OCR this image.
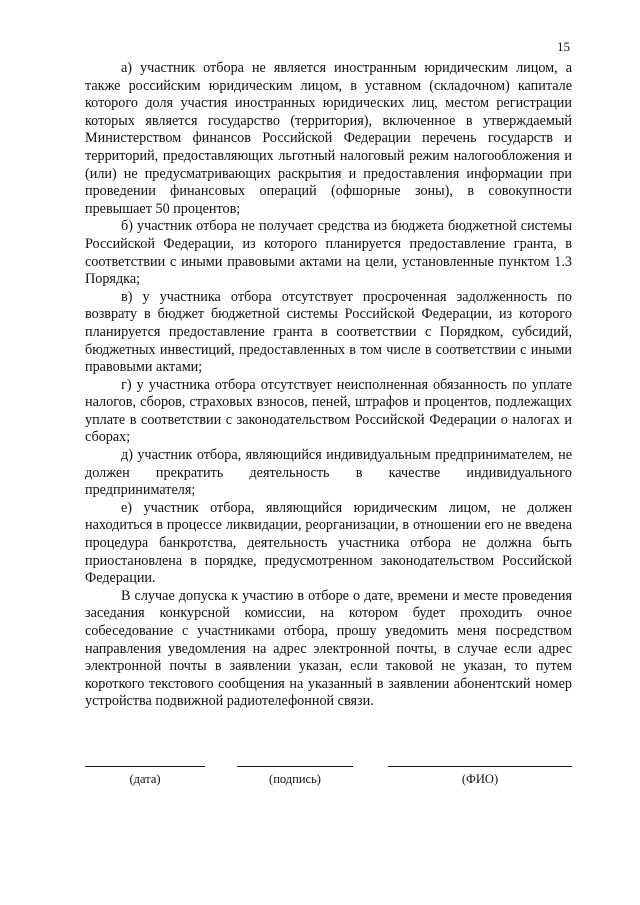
15

а) участник отбора не является иностранным юридическим лицом, а также российским юридическим лицом, в уставном (складочном) капитале которого доля участия иностранных юридических лиц, местом регистрации которых является государство (территория), включенное в утверждаемый Министерством финансов Российской Федерации перечень государств и территорий, предоставляющих льготный налоговый режим налогообложения и (или) не предусматривающих раскрытия и предоставления информации при проведении финансовых операций (офшорные зоны), в совокупности превышает 50 процентов;

б) участник отбора не получает средства из бюджета бюджетной системы Российской Федерации, из которого планируется предоставление гранта, в соответствии с иными правовыми актами на цели, установленные пунктом 1.3 Порядка;

в) у участника отбора отсутствует просроченная задолженность по возврату в бюджет бюджетной системы Российской Федерации, из которого планируется предоставление гранта в соответствии с Порядком, субсидий, бюджетных инвестиций, предоставленных в том числе в соответствии с иными правовыми актами;

г) у участника отбора отсутствует неисполненная обязанность по уплате налогов, сборов, страховых взносов, пеней, штрафов и процентов, подлежащих уплате в соответствии с законодательством Российской Федерации о налогах и сборах;

д) участник отбора, являющийся индивидуальным предпринимателем, не должен прекратить деятельность в качестве индивидуального предпринимателя;

е) участник отбора, являющийся юридическим лицом, не должен находиться в процессе ликвидации, реорганизации, в отношении его не введена процедура банкротства, деятельность участника отбора не должна быть приостановлена в порядке, предусмотренном законодательством Российской Федерации.

В случае допуска к участию в отборе о дате, времени и месте проведения заседания конкурсной комиссии, на котором будет проходить очное собеседование с участниками отбора, прошу уведомить меня посредством направления уведомления на адрес электронной почты, в случае если адрес электронной почты в заявлении указан, если таковой не указан, то путем короткого текстового сообщения на указанный в заявлении абонентский номер устройства подвижной радиотелефонной связи.

(дата)	(подпись)	(ФИО)
